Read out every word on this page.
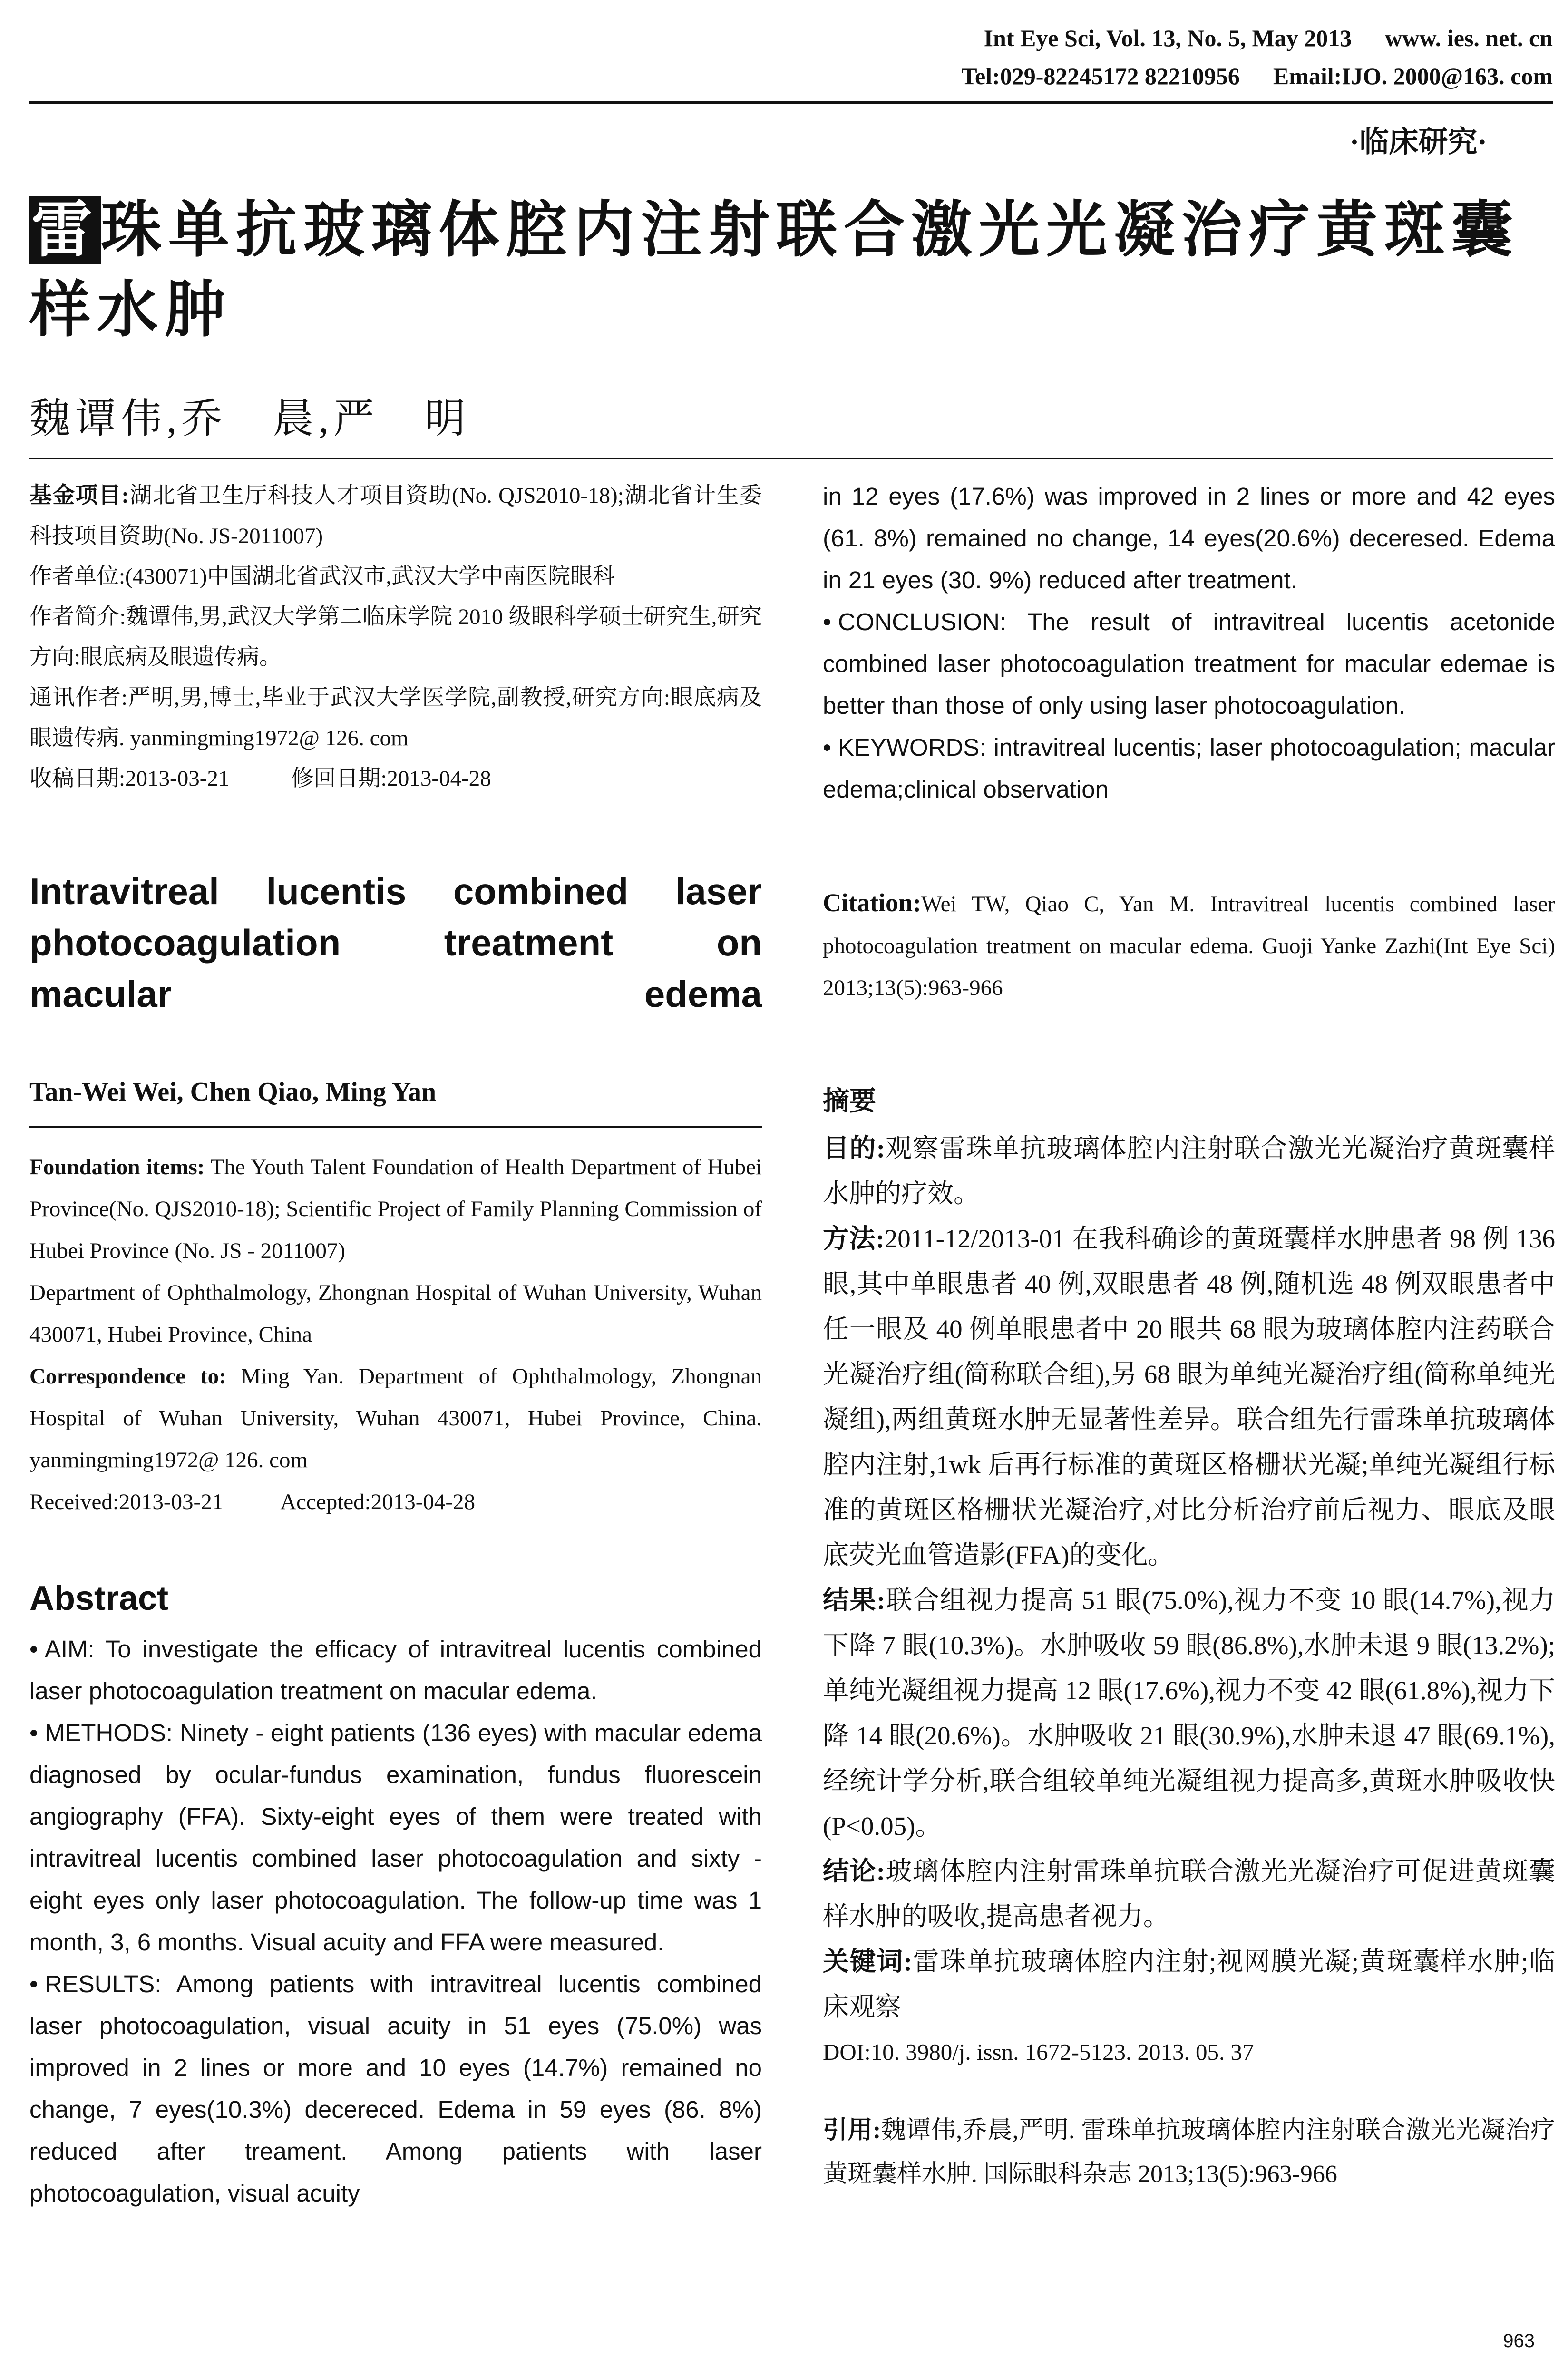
Int Eye Sci, Vol. 13, No. 5, May 2013 www. ies. net. cn
Tel:029-82245172 82210956 Email:IJO. 2000@163. com
·临床研究·
雷珠单抗玻璃体腔内注射联合激光光凝治疗黄斑囊样水肿
魏谭伟,乔　晨,严　明

基金项目:湖北省卫生厅科技人才项目资助(No. QJS2010-18);湖北省计生委科技项目资助(No. JS-2011007)

作者单位:(430071)中国湖北省武汉市,武汉大学中南医院眼科

作者简介:魏谭伟,男,武汉大学第二临床学院 2010 级眼科学硕士研究生,研究方向:眼底病及眼遗传病。

通讯作者:严明,男,博士,毕业于武汉大学医学院,副教授,研究方向:眼底病及眼遗传病. yanmingming1972@ 126. com

收稿日期:2013-03-21	修回日期:2013-04-28

Intravitreal lucentis combined laser photocoagulation treatment on
macular edema
Tan-Wei Wei, Chen Qiao, Ming Yan

Foundation items: The Youth Talent Foundation of Health Department of Hubei Province(No. QJS2010-18); Scientific Project of Family Planning Commission of Hubei Province (No. JS - 2011007)

Department of Ophthalmology, Zhongnan Hospital of Wuhan University, Wuhan 430071, Hubei Province, China

Correspondence to: Ming Yan. Department of Ophthalmology, Zhongnan Hospital of Wuhan University, Wuhan 430071, Hubei Province, China. yanmingming1972@ 126. com

Received:2013-03-21	Accepted:2013-04-28

Abstract

• AIM: To investigate the efficacy of intravitreal lucentis combined laser photocoagulation treatment on macular edema.

• METHODS: Ninety - eight patients (136 eyes) with macular edema diagnosed by ocular-fundus examination, fundus fluorescein angiography (FFA). Sixty-eight eyes of them were treated with intravitreal lucentis combined laser photocoagulation and sixty - eight eyes only laser photocoagulation. The follow-up time was 1 month, 3, 6 months. Visual acuity and FFA were measured.

• RESULTS: Among patients with intravitreal lucentis combined laser photocoagulation, visual acuity in 51 eyes (75.0%) was improved in 2 lines or more and 10 eyes (14.7%) remained no change, 7 eyes(10.3%) decerесed. Edema in 59 eyes (86. 8%) reduced after treament. Among patients with laser photocoagulation, visual acuity

in 12 eyes (17.6%) was improved in 2 lines or more and 42 eyes (61. 8%) remained no change, 14 eyes(20.6%) deceresed. Edema in 21 eyes (30. 9%) reduced after treatment.

• CONCLUSION: The result of intravitreal lucentis acetonide combined laser photocoagulation treatment for macular edemae is better than those of only using laser photocoagulation.

• KEYWORDS: intravitreal lucentis; laser photocoagulation; macular edema;clinical observation

Citation:Wei TW, Qiao C, Yan M. Intravitreal lucentis combined laser photocoagulation treatment on macular edema. Guoji Yanke Zazhi(Int Eye Sci) 2013;13(5):963-966

摘要

目的:观察雷珠单抗玻璃体腔内注射联合激光光凝治疗黄斑囊样水肿的疗效。

方法:2011-12/2013-01 在我科确诊的黄斑囊样水肿患者 98 例 136 眼,其中单眼患者 40 例,双眼患者 48 例,随机选 48 例双眼患者中任一眼及 40 例单眼患者中 20 眼共 68 眼为玻璃体腔内注药联合光凝治疗组(简称联合组),另 68 眼为单纯光凝治疗组(简称单纯光凝组),两组黄斑水肿无显著性差异。联合组先行雷珠单抗玻璃体腔内注射,1wk 后再行标准的黄斑区格栅状光凝;单纯光凝组行标准的黄斑区格栅状光凝治疗,对比分析治疗前后视力、眼底及眼底荧光血管造影(FFA)的变化。

结果:联合组视力提高 51 眼(75.0%),视力不变 10 眼(14.7%),视力下降 7 眼(10.3%)。水肿吸收 59 眼(86.8%),水肿未退 9 眼(13.2%);单纯光凝组视力提高 12 眼(17.6%),视力不变 42 眼(61.8%),视力下降 14 眼(20.6%)。水肿吸收 21 眼(30.9%),水肿未退 47 眼(69.1%),经统计学分析,联合组较单纯光凝组视力提高多,黄斑水肿吸收快(P<0.05)。

结论:玻璃体腔内注射雷珠单抗联合激光光凝治疗可促进黄斑囊样水肿的吸收,提高患者视力。

关键词:雷珠单抗玻璃体腔内注射;视网膜光凝;黄斑囊样水肿;临床观察

DOI:10. 3980/j. issn. 1672-5123. 2013. 05. 37

引用:魏谭伟,乔晨,严明. 雷珠单抗玻璃体腔内注射联合激光光凝治疗黄斑囊样水肿. 国际眼科杂志 2013;13(5):963-966

963
